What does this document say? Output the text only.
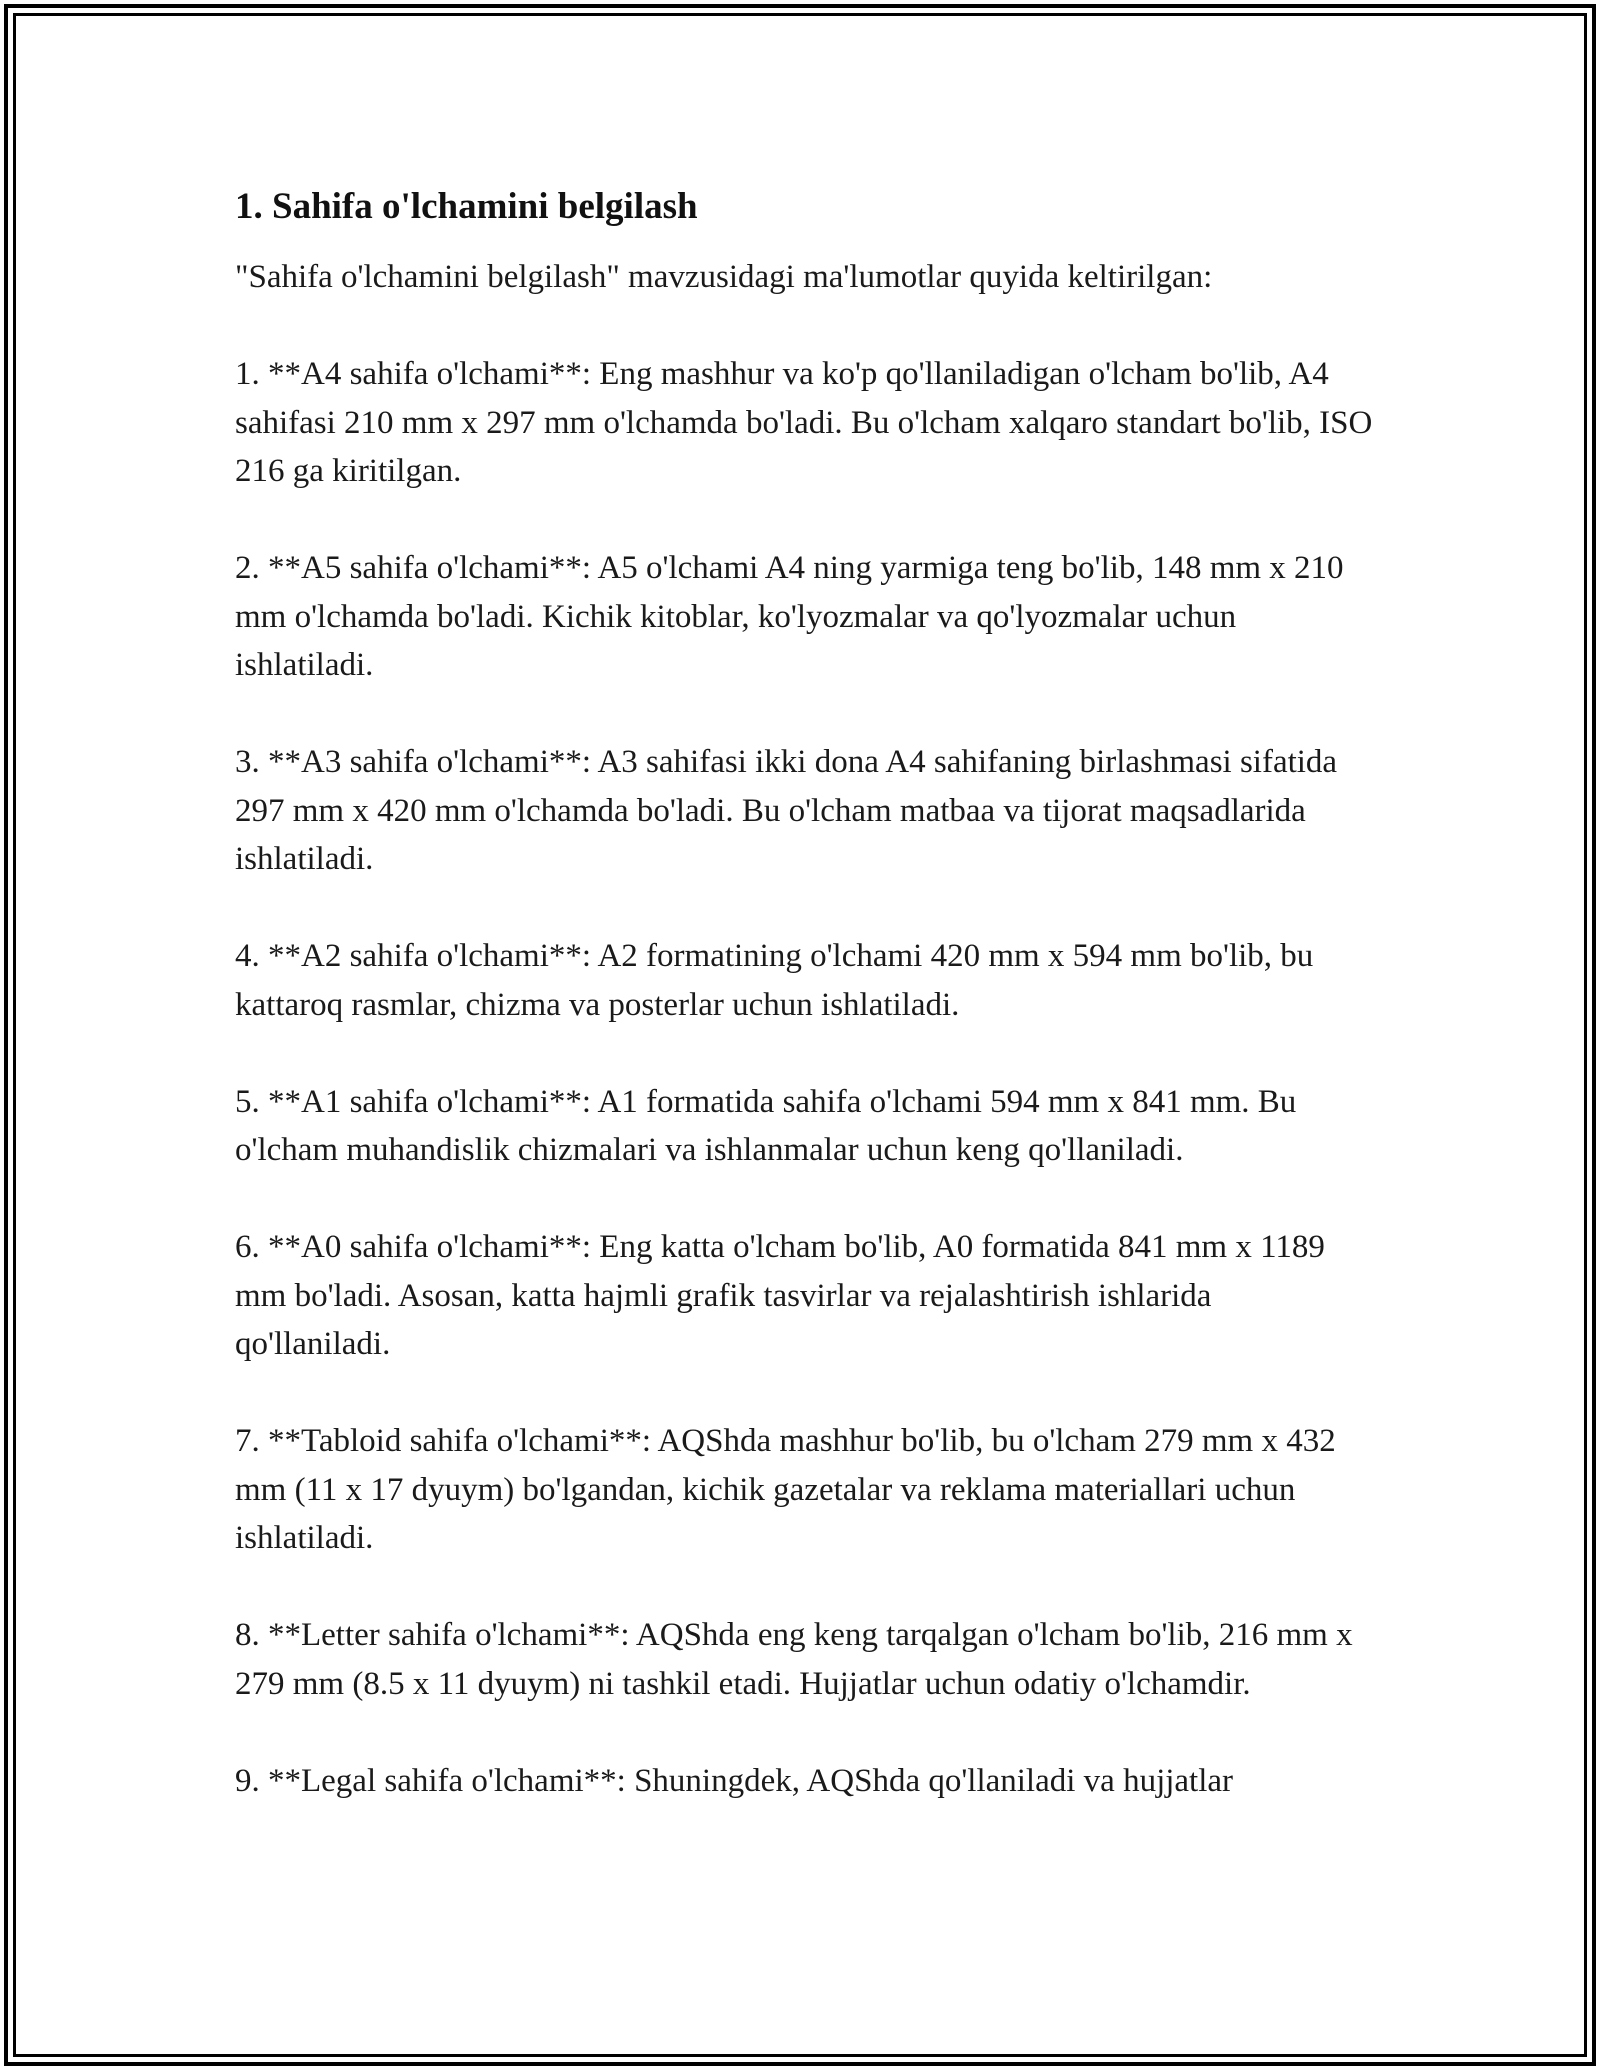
1. Sahifa o'lchamini belgilash

"Sahifa o'lchamini belgilash" mavzusidagi ma'lumotlar quyida keltirilgan:

1. **A4 sahifa o'lchami**: Eng mashhur va ko'p qo'llaniladigan o'lcham bo'lib, A4 sahifasi 210 mm x 297 mm o'lchamda bo'ladi. Bu o'lcham xalqaro standart bo'lib, ISO 216 ga kiritilgan.

2. **A5 sahifa o'lchami**: A5 o'lchami A4 ning yarmiga teng bo'lib, 148 mm x 210 mm o'lchamda bo'ladi. Kichik kitoblar, ko'lyozmalar va qo'lyozmalar uchun ishlatiladi.

3. **A3 sahifa o'lchami**: A3 sahifasi ikki dona A4 sahifaning birlashmasi sifatida 297 mm x 420 mm o'lchamda bo'ladi. Bu o'lcham matbaa va tijorat maqsadlarida ishlatiladi.

4. **A2 sahifa o'lchami**: A2 formatining o'lchami 420 mm x 594 mm bo'lib, bu kattaroq rasmlar, chizma va posterlar uchun ishlatiladi.

5. **A1 sahifa o'lchami**: A1 formatida sahifa o'lchami 594 mm x 841 mm. Bu o'lcham muhandislik chizmalari va ishlanmalar uchun keng qo'llaniladi.

6. **A0 sahifa o'lchami**: Eng katta o'lcham bo'lib, A0 formatida 841 mm x 1189 mm bo'ladi. Asosan, katta hajmli grafik tasvirlar va rejalashtirish ishlarida qo'llaniladi.

7. **Tabloid sahifa o'lchami**: AQShda mashhur bo'lib, bu o'lcham 279 mm x 432 mm (11 x 17 dyuym) bo'lgandan, kichik gazetalar va reklama materiallari uchun ishlatiladi.

8. **Letter sahifa o'lchami**: AQShda eng keng tarqalgan o'lcham bo'lib, 216 mm x 279 mm (8.5 x 11 dyuym) ni tashkil etadi. Hujjatlar uchun odatiy o'lchamdir.

9. **Legal sahifa o'lchami**: Shuningdek, AQShda qo'llaniladi va hujjatlar
